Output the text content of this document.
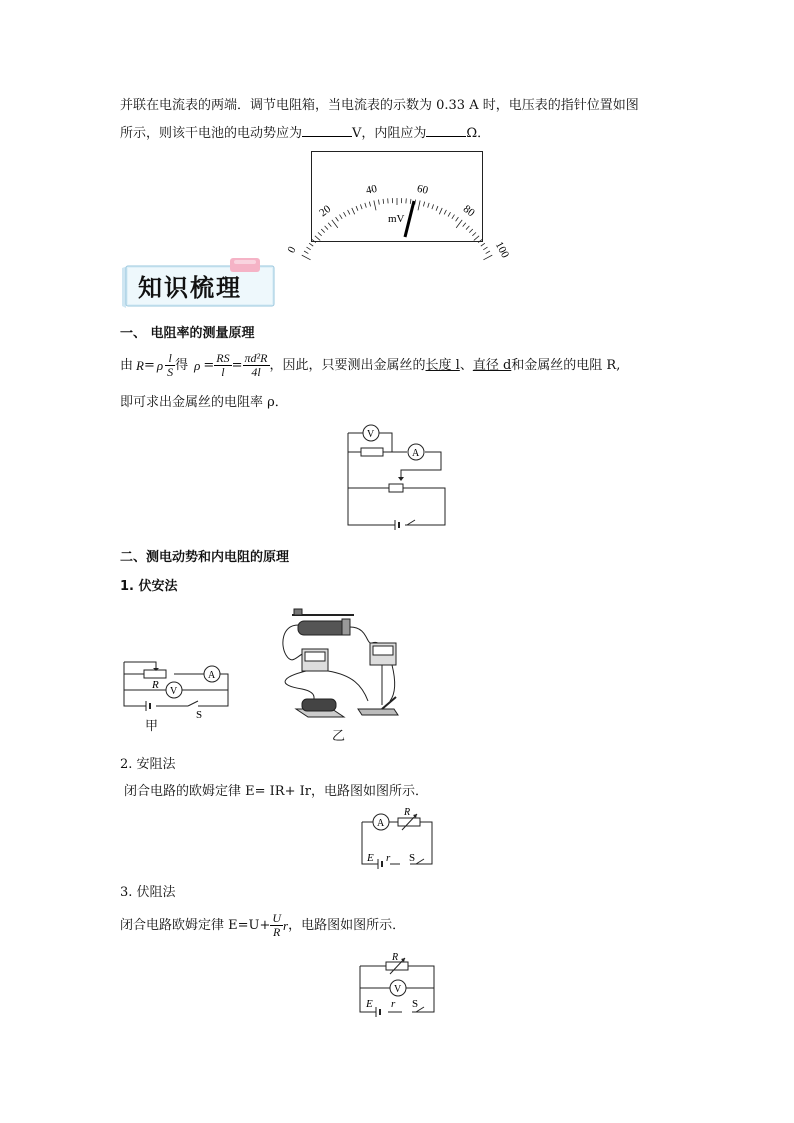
并联在电流表的两端．调节电阻箱，当电流表的示数为 0.33 A 时，电压表的指针位置如图
所示，则该干电池的电动势应为	V，内阻应为	Ω．
0
20
40	60
80
100
mV
知识梳理
一、 电阻率的测量原理
由 R = ρ $\frac{l}{S}$ 得 $\rho = \frac{RS}{l} = \frac{\text{πd²R}}{4l}$ ，因此，只要测出金属丝的 长度 l 、 直径 d 和金属丝的电阻 R,
即可求出金属丝的电阻率 ρ．
V
A
二、测电动势和内电阻的原理
1. 伏安法
A
V
R
S
甲
乙
2. 安阻法
闭合电路的欧姆定律 E= IR+ Ir，电路图如图所示．
A
R
E r S
3. 伏阻法
闭合电路欧姆定律 $E=U+ \frac{U}{R}$ r ，电路图如图所示．
V
R
E r S
